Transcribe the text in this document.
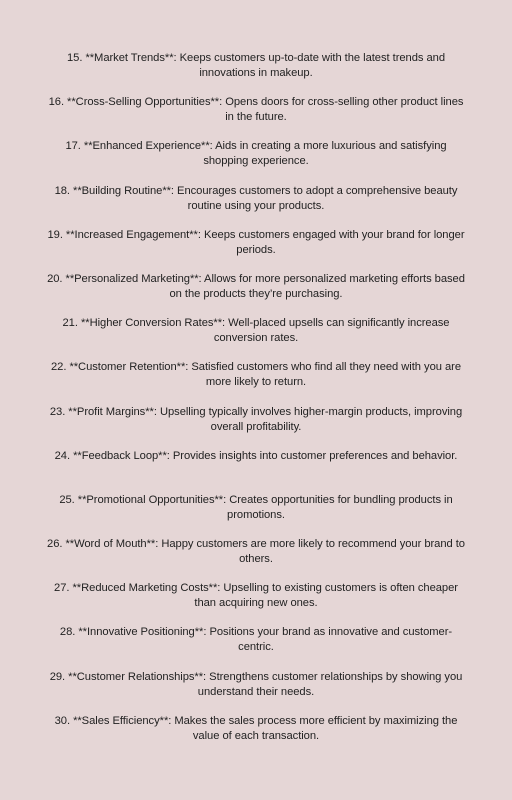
15. **Market Trends**: Keeps customers up-to-date with the latest trends and innovations in makeup.
16. **Cross-Selling Opportunities**: Opens doors for cross-selling other product lines in the future.
17. **Enhanced Experience**: Aids in creating a more luxurious and satisfying shopping experience.
18. **Building Routine**: Encourages customers to adopt a comprehensive beauty routine using your products.
19. **Increased Engagement**: Keeps customers engaged with your brand for longer periods.
20. **Personalized Marketing**: Allows for more personalized marketing efforts based on the products they’re purchasing.
21. **Higher Conversion Rates**: Well-placed upsells can significantly increase conversion rates.
22. **Customer Retention**: Satisfied customers who find all they need with you are more likely to return.
23. **Profit Margins**: Upselling typically involves higher-margin products, improving overall profitability.
24. **Feedback Loop**: Provides insights into customer preferences and behavior.
25. **Promotional Opportunities**: Creates opportunities for bundling products in promotions.
26. **Word of Mouth**: Happy customers are more likely to recommend your brand to others.
27. **Reduced Marketing Costs**: Upselling to existing customers is often cheaper than acquiring new ones.
28. **Innovative Positioning**: Positions your brand as innovative and customer-centric.
29. **Customer Relationships**: Strengthens customer relationships by showing you understand their needs.
30. **Sales Efficiency**: Makes the sales process more efficient by maximizing the value of each transaction.
